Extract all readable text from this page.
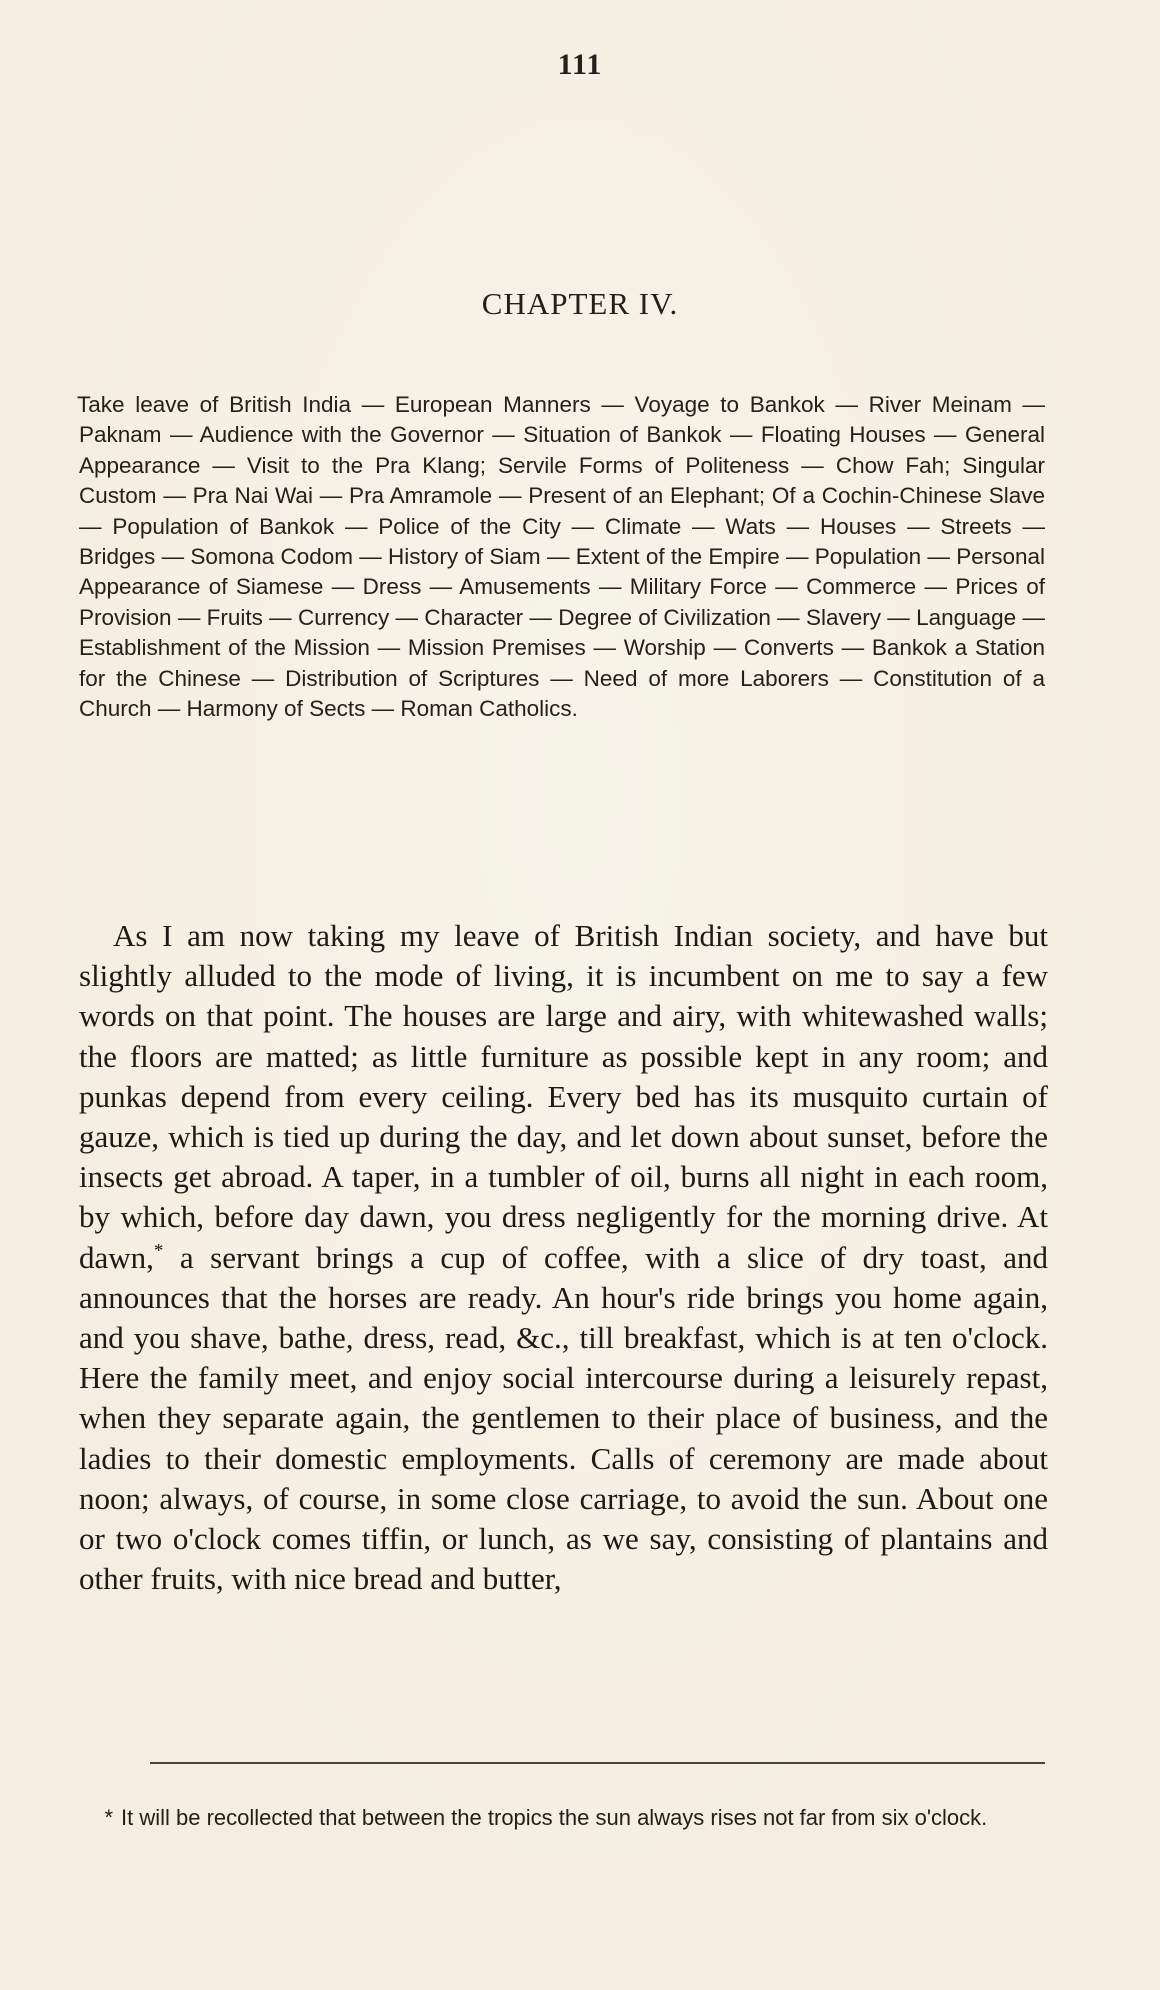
111
CHAPTER IV.
Take leave of British India — European Manners — Voyage to Bankok — River Meinam — Paknam — Audience with the Governor — Situation of Bankok — Floating Houses — General Appearance — Visit to the Pra Klang; Servile Forms of Politeness — Chow Fah; Singular Custom — Pra Nai Wai — Pra Amramole — Present of an Elephant; Of a Cochin-Chinese Slave — Population of Bankok — Police of the City — Climate — Wats — Houses — Streets — Bridges — Somona Codom — History of Siam — Extent of the Empire — Population — Personal Appearance of Siamese — Dress — Amusements — Military Force — Commerce — Prices of Provision — Fruits — Currency — Character — Degree of Civilization — Slavery — Language — Establishment of the Mission — Mission Premises — Worship — Converts — Bankok a Station for the Chinese — Distribution of Scriptures — Need of more Laborers — Constitution of a Church — Harmony of Sects — Roman Catholics.
As I am now taking my leave of British Indian society, and have but slightly alluded to the mode of living, it is incumbent on me to say a few words on that point. The houses are large and airy, with whitewashed walls; the floors are matted; as little furniture as possible kept in any room; and punkas depend from every ceiling. Every bed has its musquito curtain of gauze, which is tied up during the day, and let down about sunset, before the insects get abroad. A taper, in a tumbler of oil, burns all night in each room, by which, before day dawn, you dress negligently for the morning drive. At dawn,* a servant brings a cup of coffee, with a slice of dry toast, and announces that the horses are ready. An hour's ride brings you home again, and you shave, bathe, dress, read, &c., till breakfast, which is at ten o'clock. Here the family meet, and enjoy social intercourse during a leisurely repast, when they separate again, the gentlemen to their place of business, and the ladies to their domestic employments. Calls of ceremony are made about noon; always, of course, in some close carriage, to avoid the sun. About one or two o'clock comes tiffin, or lunch, as we say, consisting of plantains and other fruits, with nice bread and butter,
* It will be recollected that between the tropics the sun always rises not far from six o'clock.
